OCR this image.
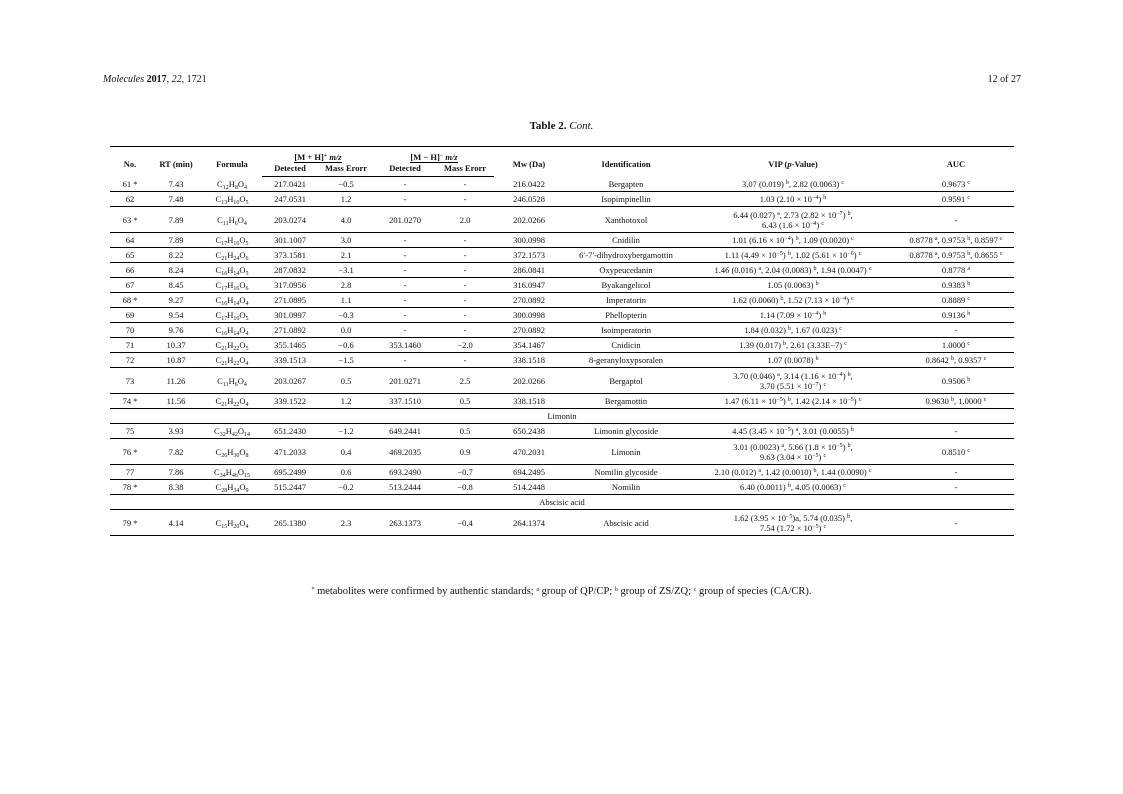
Molecules 2017, 22, 1721	12 of 27
Table 2. Cont.
No.	RT (min)	Formula	[M + H]+ m/z		[M − H]− m/z		Mw (Da)	Identification	VIP (p-Value)	AUC
			Detected	Mass Erorr	Detected	Mass Erorr				
61 *	7.43	$C_{12}H_8O_4$	217.0421	−0.5	-	-	216.0422	Bergapten	3.07 (0.019) $^b$, 2.82 (0.0063) $^c$	0.9673 $^c$
62	7.48	$C_{13}H_{10}O_5$	247.0531	1.2	-	-	246.0528	Isopimpinellin	1.03 $(2.10 \times 10^{-4})$ $^b$	0.9591 $^c$
63 *	7.89	$C_{11}H_6O_4$	203.0274	4.0	201.0270	2.0	202.0266	Xanthotoxol	6.44 (0.027) $^a$, 2.73 $(2.82 \times 10^{-7})$ $^b$,
6.43 $(1.6 \times 10^{-4})$ $^c$	-
64	7.89	$C_{17}H_{16}O_5$	301.1007	3.0	-	-	300.0998	Cnidilin	1.01 $(6.16 \times 10^{-4})$ $^b$, 1.09 (0.0020) $^c$	0.8778 $^a$, 0.9753 $^b$, 0.8597 $^c$
65	8.22	$C_{21}H_{24}O_6$	373.1581	2.1	-	-	372.1573	6′-7′-dihydroxybergamottin	1.11 $(4.49 \times 10^{-5})$ $^b$, 1.02 $(5.61 \times 10^{-6})$ $^c$	0.8778 $^a$, 0.9753 $^b$, 0.8655 $^c$
66	8.24	$C_{16}H_{14}O_5$	287.0832	−3.1	-	-	286.0841	Oxypeucedanin	1.46 (0.016) $^a$, 2.04 (0.0083) $^b$, 1.94 (0.0047) $^c$	0.8778 $^a$
67	8.45	$C_{17}H_{16}O_6$	317.0956	2.8	-	-	316.0947	Byakangelicol	1.05 (0.0063) $^b$	0.9383 $^b$
68 *	9.27	$C_{16}H_{14}O_4$	271.0895	1.1	-	-	270.0892	Imperatorin	1.62 (0.0060) $^b$, 1.52 $(7.13 \times 10^{-4})$ $^c$	0.8889 $^c$
69	9.54	$C_{17}H_{16}O_5$	301.0997	−0.3	-	-	300.0998	Phellopterin	1.14 $(7.09 \times 10^{-4})$ $^b$	0.9136 $^b$
70	9.76	$C_{16}H_{14}O_4$	271.0892	0.0	-	-	270.0892	Isoimperatorin	1.84 (0.032) $^b$, 1.67 (0.023) $^c$	-
71	10.37	$C_{21}H_{22}O_5$	355.1465	−0.6	353.1460	−2.0	354.1467	Cnidicin	1.39 (0.017) $^b$, 2.61 (3.33E−7) $^c$	1.0000 $^c$
72	10.87	$C_{21}H_{22}O_4$	339.1513	−1.5	-	-	338.1518	8-geranyloxypsoralen	1.07 (0.0078) $^b$	0.8642 $^b$, 0.9357 $^c$
73	11.26	$C_{11}H_6O_4$	203.0267	0.5	201.0271	2.5	202.0266	Bergaptol	3.70 (0.046) $^a$, 3.14 $(1.16 \times 10^{-4})$ $^b$,
3.70 $(5.51 \times 10^{-7})$ $^c$	0.9506 $^b$
74 *	11.56	$C_{21}H_{22}O_4$	339.1522	1.2	337.1510	0.5	338.1518	Bergamottin	1.47 $(6.11 \times 10^{-5})$ $^b$, 1.42 $(2.14 \times 10^{-5})$ $^c$	0.9630 $^b$, 1.0000 $^c$
Limonin										
75	3.93	$C_{32}H_{42}O_{14}$	651.2430	−1.2	649.2441	0.5	650.2438	Limonin glycoside	4.45 $(3.45 \times 10^{-5})$ $^a$, 3.01 (0.0055) $^b$	-
76 *	7.82	$C_{26}H_{30}O_8$	471.2033	0.4	469.2035	0.9	470.2031	Limonin	3.01 (0.0023) $^a$, 5.66 $(1.8 \times 10^{-5})$ $^b$,
9.63 $(3.04 \times 10^{-5})$ $^c$	0.8510 $^c$
77	7.86	$C_{34}H_{46}O_{15}$	695.2499	0.6	693.2490	−0.7	694.2495	Nomilin glycoside	2.10 (0.012) $^a$, 1.42 (0.0010) $^b$, 1.44 (0.0090) $^c$	-
78 *	8.38	$C_{28}H_{34}O_9$	515.2447	−0.2	513.2444	−0.8	514.2448	Nomilin	6.40 (0.0011) $^b$, 4.05 (0.0063) $^c$	-
Abscisic acid										
79 *	4.14	$C_{15}H_{20}O_4$	265.1380	2.3	263.1373	−0.4	264.1374	Abscisic acid	1.62 $(3.95 \times 10^{-5})a$, 5.74 (0.035) $^b$,
7.54 $(1.72 \times 10^{-5})$ $^c$	-
* metabolites were confirmed by authentic standards; $^a$ group of QP/CP; $^b$ group of ZS/ZQ; $^c$ group of species (CA/CR).
